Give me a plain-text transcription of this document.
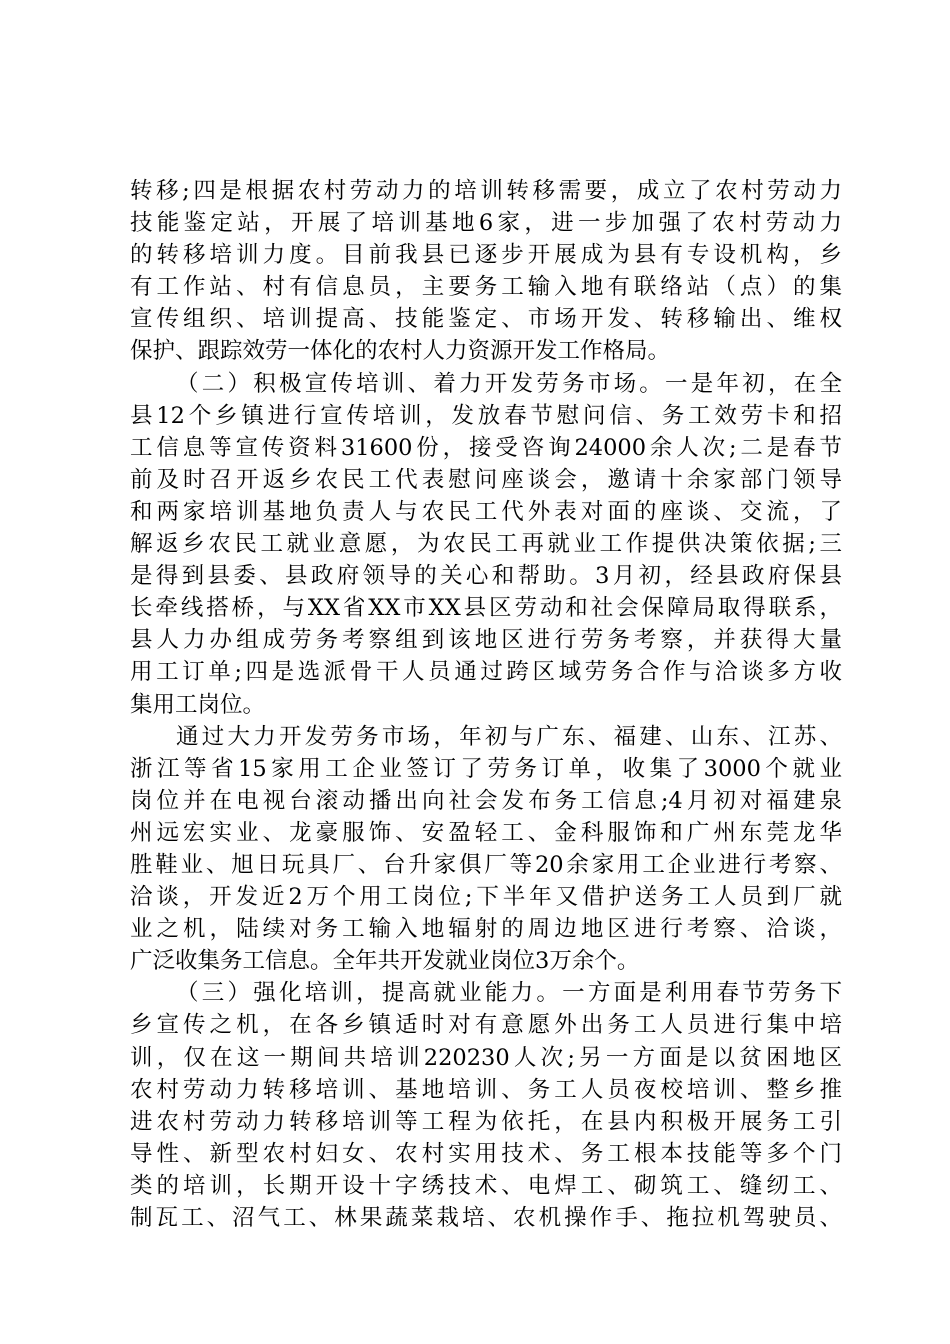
转移;四是根据农村劳动力的培训转移需要，成立了农村劳动力
技能鉴定站，开展了培训基地6家，进一步加强了农村劳动力
的转移培训力度。目前我县已逐步开展成为县有专设机构，乡
有工作站、村有信息员，主要务工输入地有联络站（点）的集
宣传组织、培训提高、技能鉴定、市场开发、转移输出、维权
保护、跟踪效劳一体化的农村人力资源开发工作格局。
（二）积极宣传培训、着力开发劳务市场。一是年初，在全
县12个乡镇进行宣传培训，发放春节慰问信、务工效劳卡和招
工信息等宣传资料31600份，接受咨询24000余人次;二是春节
前及时召开返乡农民工代表慰问座谈会，邀请十余家部门领导
和两家培训基地负责人与农民工代外表对面的座谈、交流，了
解返乡农民工就业意愿，为农民工再就业工作提供决策依据;三
是得到县委、县政府领导的关心和帮助。3月初，经县政府保县
长牵线搭桥，与XX省XX市XX县区劳动和社会保障局取得联系，
县人力办组成劳务考察组到该地区进行劳务考察，并获得大量
用工订单;四是选派骨干人员通过跨区域劳务合作与洽谈多方收
集用工岗位。
通过大力开发劳务市场，年初与广东、福建、山东、江苏、
浙江等省15家用工企业签订了劳务订单，收集了3000个就业
岗位并在电视台滚动播出向社会发布务工信息;4月初对福建泉
州远宏实业、龙豪服饰、安盈轻工、金科服饰和广州东莞龙华
胜鞋业、旭日玩具厂、台升家俱厂等20余家用工企业进行考察、
洽谈，开发近2万个用工岗位;下半年又借护送务工人员到厂就
业之机，陆续对务工输入地辐射的周边地区进行考察、洽谈，
广泛收集务工信息。全年共开发就业岗位3万余个。
（三）强化培训，提高就业能力。一方面是利用春节劳务下
乡宣传之机，在各乡镇适时对有意愿外出务工人员进行集中培
训，仅在这一期间共培训220230人次;另一方面是以贫困地区
农村劳动力转移培训、基地培训、务工人员夜校培训、整乡推
进农村劳动力转移培训等工程为依托，在县内积极开展务工引
导性、新型农村妇女、农村实用技术、务工根本技能等多个门
类的培训，长期开设十字绣技术、电焊工、砌筑工、缝纫工、
制瓦工、沼气工、林果蔬菜栽培、农机操作手、拖拉机驾驶员、
